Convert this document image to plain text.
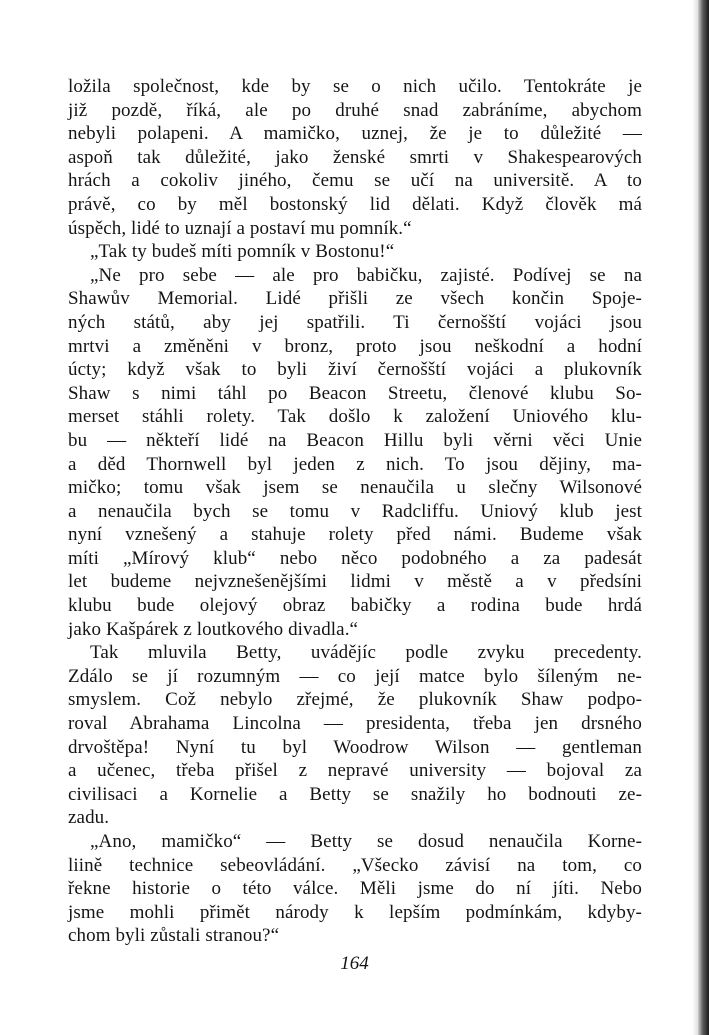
ložila společnost, kde by se o nich učilo. Tentokráte je
již pozdě, říká, ale po druhé snad zabráníme, abychom
nebyli polapeni. A mamičko, uznej, že je to důležité —
aspoň tak důležité, jako ženské smrti v Shakespearových
hrách a cokoliv jiného, čemu se učí na universitě. A to
právě, co by měl bostonský lid dělati. Když člověk má
úspěch, lidé to uznají a postaví mu pomník.“
„Tak ty budeš míti pomník v Bostonu!“
„Ne pro sebe — ale pro babičku, zajisté. Podívej se na
Shawův Memorial. Lidé přišli ze všech končin Spoje-
ných států, aby jej spatřili. Ti černošští vojáci jsou
mrtvi a změněni v bronz, proto jsou neškodní a hodní
úcty; když však to byli živí černošští vojáci a plukovník
Shaw s nimi táhl po Beacon Streetu, členové klubu So-
merset stáhli rolety. Tak došlo k založení Uniového klu-
bu — někteří lidé na Beacon Hillu byli věrni věci Unie
a děd Thornwell byl jeden z nich. To jsou dějiny, ma-
mičko; tomu však jsem se nenaučila u slečny Wilsonové
a nenaučila bych se tomu v Radcliffu. Uniový klub jest
nyní vznešený a stahuje rolety před námi. Budeme však
míti „Mírový klub“ nebo něco podobného a za padesát
let budeme nejvznešenějšími lidmi v městě a v předsíni
klubu bude olejový obraz babičky a rodina bude hrdá
jako Kašpárek z loutkového divadla.“
Tak mluvila Betty, uvádějíc podle zvyku precedenty.
Zdálo se jí rozumným — co její matce bylo šíleným ne-
smyslem. Což nebylo zřejmé, že plukovník Shaw podpo-
roval Abrahama Lincolna — presidenta, třeba jen drsného
drvoštěpa! Nyní tu byl Woodrow Wilson — gentleman
a učenec, třeba přišel z nepravé university — bojoval za
civilisaci a Kornelie a Betty se snažily ho bodnouti ze-
zadu.
„Ano, mamičko“ — Betty se dosud nenaučila Korne-
liině technice sebeovládání. „Všecko závisí na tom, co
řekne historie o této válce. Měli jsme do ní jíti. Nebo
jsme mohli přimět národy k lepším podmínkám, kdyby-
chom byli zůstali stranou?“
164
